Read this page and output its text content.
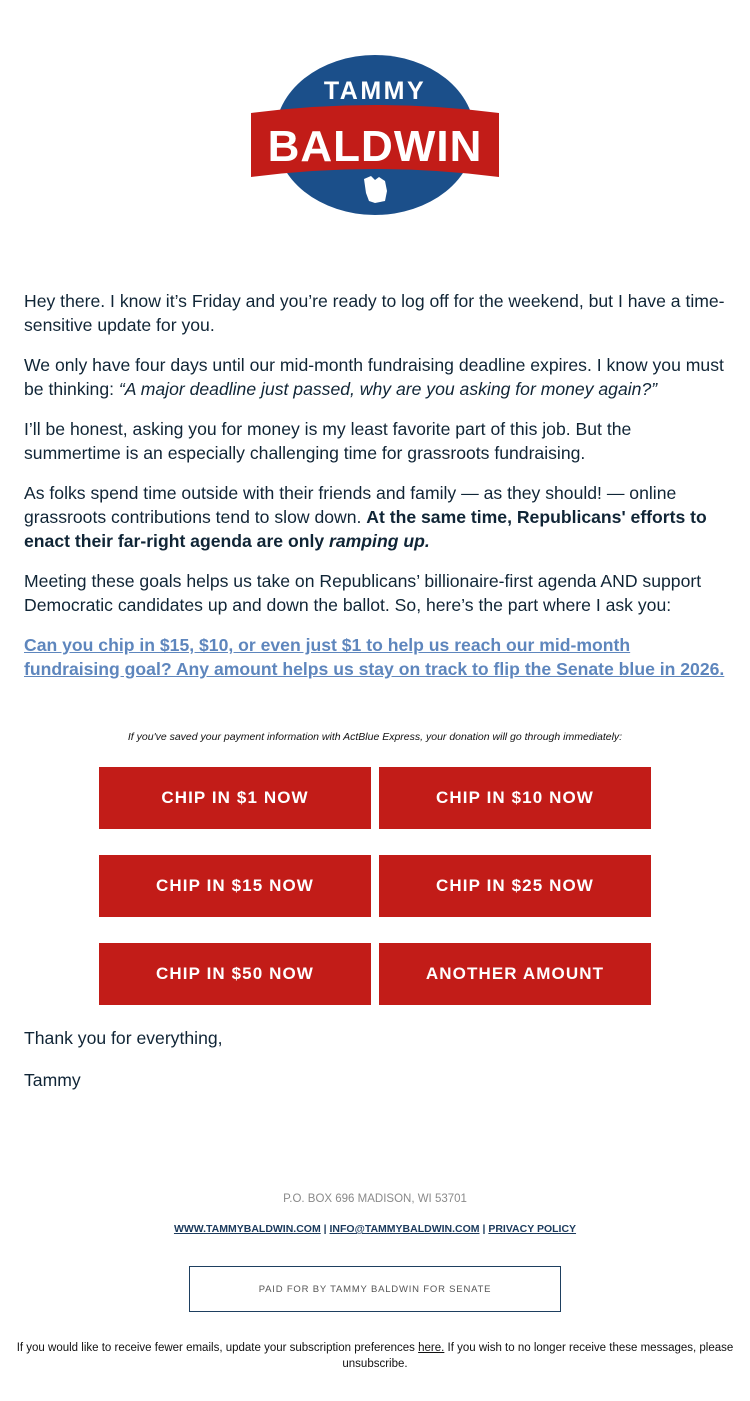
TAMMY
BALDWIN

Hey there. I know it’s Friday and you’re ready to log off for the weekend, but I have a time-sensitive update for you.

We only have four days until our mid-month fundraising deadline expires. I know you must be thinking: “A major deadline just passed, why are you asking for money again?”

I’ll be honest, asking you for money is my least favorite part of this job. But the summertime is an especially challenging time for grassroots fundraising.

As folks spend time outside with their friends and family — as they should! — online grassroots contributions tend to slow down. At the same time, Republicans' efforts to enact their far-right agenda are only ramping up.

Meeting these goals helps us take on Republicans’ billionaire-first agenda AND support Democratic candidates up and down the ballot. So, here’s the part where I ask you:

Can you chip in $15, $10, or even just $1 to help us reach our mid-month fundraising goal? Any amount helps us stay on track to flip the Senate blue in 2026.

If you've saved your payment information with ActBlue Express, your donation will go through immediately:
CHIP IN $1 NOW	CHIP IN $10 NOW
CHIP IN $15 NOW	CHIP IN $25 NOW
CHIP IN $50 NOW	ANOTHER AMOUNT
Thank you for everything,
Tammy
P.O. BOX 696 MADISON, WI 53701
WWW.TAMMYBALDWIN.COM | INFO@TAMMYBALDWIN.COM | PRIVACY POLICY
PAID FOR BY TAMMY BALDWIN FOR SENATE
If you would like to receive fewer emails, update your subscription preferences here. If you wish to no longer receive these messages, please unsubscribe.
